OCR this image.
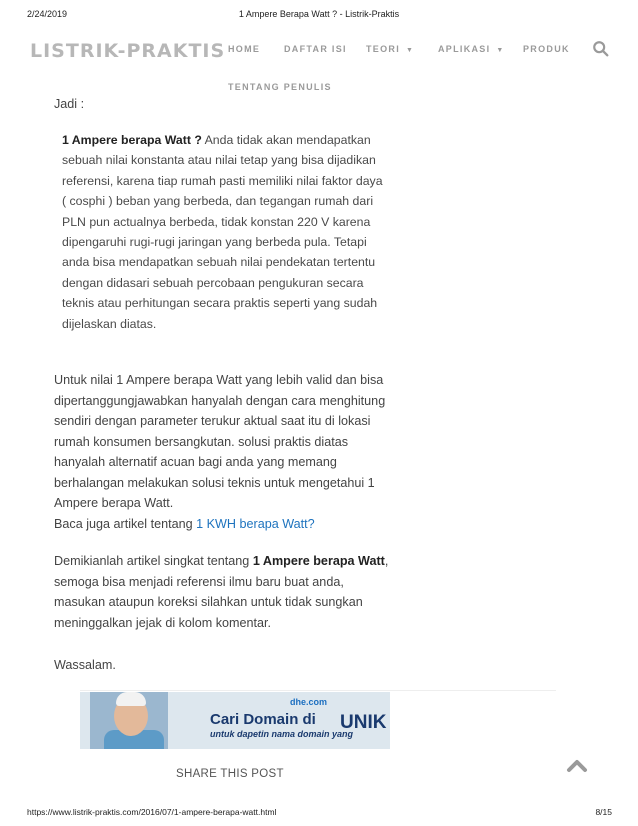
2/24/2019	1 Ampere Berapa Watt ? - Listrik-Praktis
LISTRIK-PRAKTIS HOME	DAFTAR ISI TEORI ▼	APLIKASI ▼ PRODUK
TENTANG PENULIS
Jadi :
1 Ampere berapa Watt ? Anda tidak akan mendapatkan
sebuah nilai konstanta atau nilai tetap yang bisa dijadikan
referensi, karena tiap rumah pasti memiliki nilai faktor daya
( cosphi ) beban yang berbeda, dan tegangan rumah dari
PLN pun actualnya berbeda, tidak konstan 220 V karena
dipengaruhi rugi-rugi jaringan yang berbeda pula. Tetapi
anda bisa mendapatkan sebuah nilai pendekatan tertentu
dengan didasari sebuah percobaan pengukuran secara
teknis atau perhitungan secara praktis seperti yang sudah
dijelaskan diatas.
Untuk nilai 1 Ampere berapa Watt yang lebih valid dan bisa
dipertanggungjawabkan hanyalah dengan cara menghitung
sendiri dengan parameter terukur aktual saat itu di lokasi
rumah konsumen bersangkutan. solusi praktis diatas
hanyalah alternatif acuan bagi anda yang memang
berhalangan melakukan solusi teknis untuk mengetahui 1
Ampere berapa Watt.
Baca juga artikel tentang 1 KWH berapa Watt?
Demikianlah artikel singkat tentang 1 Ampere berapa Watt,
semoga bisa menjadi referensi ilmu baru buat anda,
masukan ataupun koreksi silahkan untuk tidak sungkan
meninggalkan jejak di kolom komentar.
Wassalam.
dhe.com
Cari Domain di
untuk dapetin nama domain yang
UNIK
SHARE THIS POST
https://www.listrik-praktis.com/2016/07/1-ampere-berapa-watt.html	8/15
